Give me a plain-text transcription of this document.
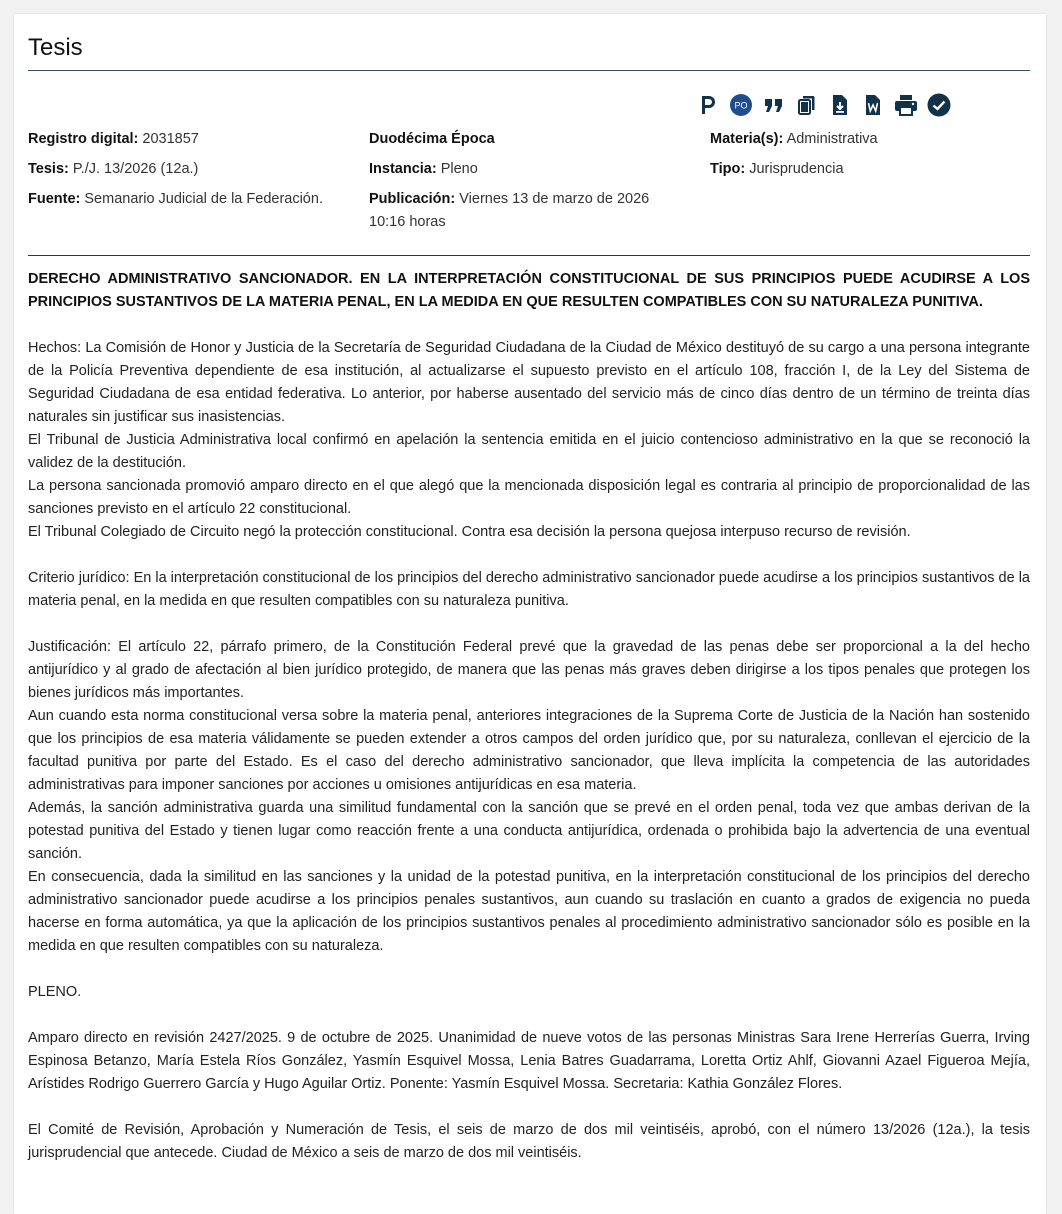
Tesis
PO
Registro digital: 2031857
Tesis: P./J. 13/2026 (12a.)
Fuente: Semanario Judicial de la Federación.
Duodécima Época
Instancia: Pleno
Publicación: Viernes 13 de marzo de 2026 10:16 horas
Materia(s): Administrativa
Tipo: Jurisprudencia

DERECHO ADMINISTRATIVO SANCIONADOR. EN LA INTERPRETACIÓN CONSTITUCIONAL DE SUS PRINCIPIOS PUEDE ACUDIRSE A LOS PRINCIPIOS SUSTANTIVOS DE LA MATERIA PENAL, EN LA MEDIDA EN QUE RESULTEN COMPATIBLES CON SU NATURALEZA PUNITIVA.

Hechos: La Comisión de Honor y Justicia de la Secretaría de Seguridad Ciudadana de la Ciudad de México destituyó de su cargo a una persona integrante de la Policía Preventiva dependiente de esa institución, al actualizarse el supuesto previsto en el artículo 108, fracción I, de la Ley del Sistema de Seguridad Ciudadana de esa entidad federativa. Lo anterior, por haberse ausentado del servicio más de cinco días dentro de un término de treinta días naturales sin justificar sus inasistencias.

El Tribunal de Justicia Administrativa local confirmó en apelación la sentencia emitida en el juicio contencioso administrativo en la que se reconoció la validez de la destitución.

La persona sancionada promovió amparo directo en el que alegó que la mencionada disposición legal es contraria al principio de proporcionalidad de las sanciones previsto en el artículo 22 constitucional.

El Tribunal Colegiado de Circuito negó la protección constitucional. Contra esa decisión la persona quejosa interpuso recurso de revisión.

Criterio jurídico: En la interpretación constitucional de los principios del derecho administrativo sancionador puede acudirse a los principios sustantivos de la materia penal, en la medida en que resulten compatibles con su naturaleza punitiva.

Justificación: El artículo 22, párrafo primero, de la Constitución Federal prevé que la gravedad de las penas debe ser proporcional a la del hecho antijurídico y al grado de afectación al bien jurídico protegido, de manera que las penas más graves deben dirigirse a los tipos penales que protegen los bienes jurídicos más importantes.

Aun cuando esta norma constitucional versa sobre la materia penal, anteriores integraciones de la Suprema Corte de Justicia de la Nación han sostenido que los principios de esa materia válidamente se pueden extender a otros campos del orden jurídico que, por su naturaleza, conllevan el ejercicio de la facultad punitiva por parte del Estado. Es el caso del derecho administrativo sancionador, que lleva implícita la competencia de las autoridades administrativas para imponer sanciones por acciones u omisiones antijurídicas en esa materia.

Además, la sanción administrativa guarda una similitud fundamental con la sanción que se prevé en el orden penal, toda vez que ambas derivan de la potestad punitiva del Estado y tienen lugar como reacción frente a una conducta antijurídica, ordenada o prohibida bajo la advertencia de una eventual sanción.

En consecuencia, dada la similitud en las sanciones y la unidad de la potestad punitiva, en la interpretación constitucional de los principios del derecho administrativo sancionador puede acudirse a los principios penales sustantivos, aun cuando su traslación en cuanto a grados de exigencia no pueda hacerse en forma automática, ya que la aplicación de los principios sustantivos penales al procedimiento administrativo sancionador sólo es posible en la medida en que resulten compatibles con su naturaleza.

PLENO.

Amparo directo en revisión 2427/2025. 9 de octubre de 2025. Unanimidad de nueve votos de las personas Ministras Sara Irene Herrerías Guerra, Irving Espinosa Betanzo, María Estela Ríos González, Yasmín Esquivel Mossa, Lenia Batres Guadarrama, Loretta Ortiz Ahlf, Giovanni Azael Figueroa Mejía, Arístides Rodrigo Guerrero García y Hugo Aguilar Ortiz. Ponente: Yasmín Esquivel Mossa. Secretaria: Kathia González Flores.

El Comité de Revisión, Aprobación y Numeración de Tesis, el seis de marzo de dos mil veintiséis, aprobó, con el número 13/2026 (12a.), la tesis jurisprudencial que antecede. Ciudad de México a seis de marzo de dos mil veintiséis.
